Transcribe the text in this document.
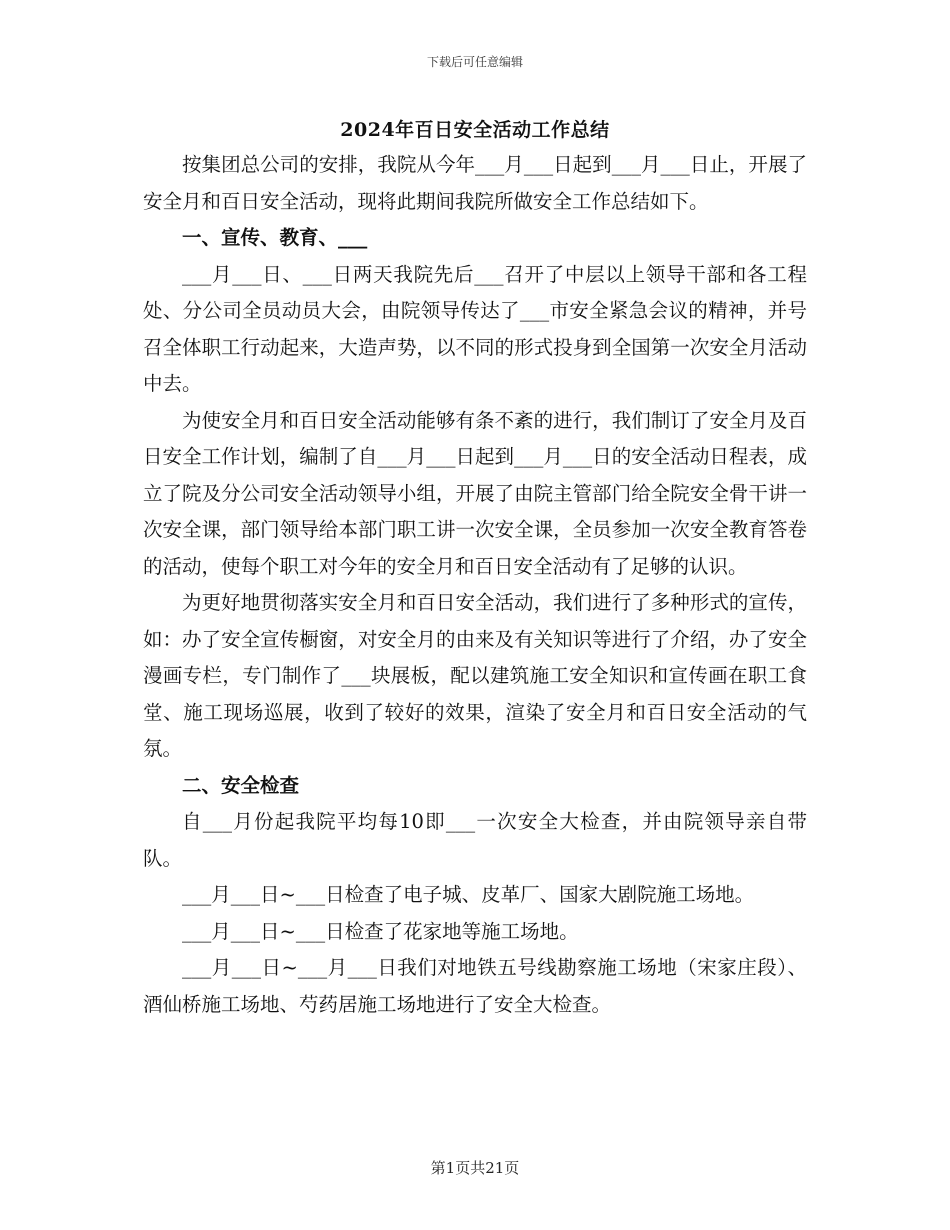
下载后可任意编辑
2024年百日安全活动工作总结

按集团总公司的安排，我院从今年___月___日起到___月___日止，开展了安全月和百日安全活动，现将此期间我院所做安全工作总结如下。

一、宣传、教育、___

___月___日、___日两天我院先后___召开了中层以上领导干部和各工程处、分公司全员动员大会，由院领导传达了___市安全紧急会议的精神，并号召全体职工行动起来，大造声势，以不同的形式投身到全国第一次安全月活动中去。

为使安全月和百日安全活动能够有条不紊的进行，我们制订了安全月及百日安全工作计划，编制了自___月___日起到___月___日的安全活动日程表，成立了院及分公司安全活动领导小组，开展了由院主管部门给全院安全骨干讲一次安全课，部门领导给本部门职工讲一次安全课，全员参加一次安全教育答卷的活动，使每个职工对今年的安全月和百日安全活动有了足够的认识。

为更好地贯彻落实安全月和百日安全活动，我们进行了多种形式的宣传，如：办了安全宣传橱窗，对安全月的由来及有关知识等进行了介绍，办了安全漫画专栏，专门制作了___块展板，配以建筑施工安全知识和宣传画在职工食堂、施工现场巡展，收到了较好的效果，渲染了安全月和百日安全活动的气氛。

二、安全检查

自___月份起我院平均每10即___一次安全大检查，并由院领导亲自带队。

___月___日~___日检查了电子城、皮革厂、国家大剧院施工场地。

___月___日~___日检查了花家地等施工场地。

___月___日~___月___日我们对地铁五号线勘察施工场地（宋家庄段）、酒仙桥施工场地、芍药居施工场地进行了安全大检查。

第1页共21页
